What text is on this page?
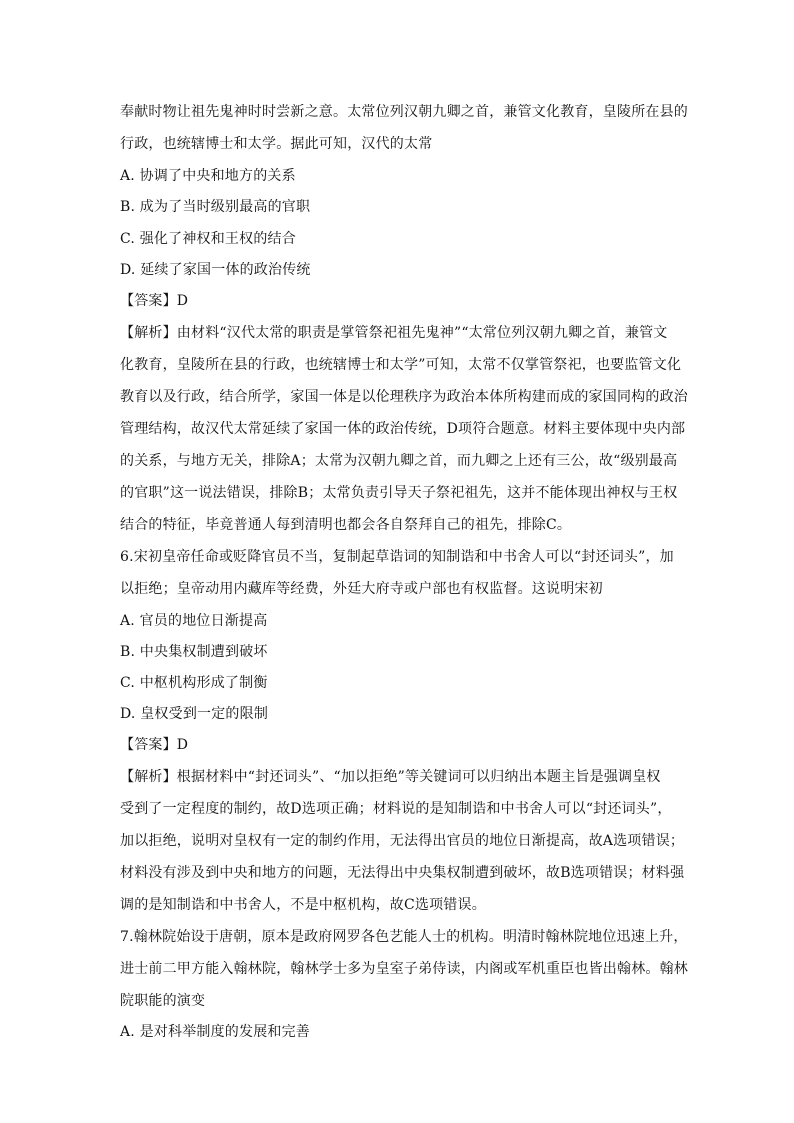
奉献时物让祖先鬼神时时尝新之意。太常位列汉朝九卿之首，兼管文化教育，皇陵所在县的
行政，也统辖博士和太学。据此可知，汉代的太常
A. 协调了中央和地方的关系
B. 成为了当时级别最高的官职
C. 强化了神权和王权的结合
D. 延续了家国一体的政治传统
【答案】D
【解析】由材料“汉代太常的职责是掌管祭祀祖先鬼神”“太常位列汉朝九卿之首，兼管文
化教育，皇陵所在县的行政，也统辖博士和太学”可知，太常不仅掌管祭祀，也要监管文化
教育以及行政，结合所学，家国一体是以伦理秩序为政治本体所构建而成的家国同构的政治
管理结构，故汉代太常延续了家国一体的政治传统，D项符合题意。材料主要体现中央内部
的关系，与地方无关，排除A；太常为汉朝九卿之首，而九卿之上还有三公，故“级别最高
的官职”这一说法错误，排除B；太常负责引导天子祭祀祖先，这并不能体现出神权与王权
结合的特征，毕竟普通人每到清明也都会各自祭拜自己的祖先，排除C。
6.宋初皇帝任命或贬降官员不当，复制起草诰词的知制诰和中书舍人可以“封还词头”，加
以拒绝；皇帝动用内藏库等经费，外廷大府寺或户部也有权监督。这说明宋初
A. 官员的地位日渐提高
B. 中央集权制遭到破坏
C. 中枢机构形成了制衡
D. 皇权受到一定的限制
【答案】D
【解析】根据材料中“封还词头”、“加以拒绝”等关键词可以归纳出本题主旨是强调皇权
受到了一定程度的制约，故D选项正确；材料说的是知制诰和中书舍人可以“封还词头”，
加以拒绝，说明对皇权有一定的制约作用，无法得出官员的地位日渐提高，故A选项错误；
材料没有涉及到中央和地方的问题，无法得出中央集权制遭到破坏，故B选项错误；材料强
调的是知制诰和中书舍人，不是中枢机构，故C选项错误。
7.翰林院始设于唐朝，原本是政府网罗各色艺能人士的机构。明清时翰林院地位迅速上升，
进士前二甲方能入翰林院，翰林学士多为皇室子弟侍读，内阁或军机重臣也皆出翰林。翰林
院职能的演变
A. 是对科举制度的发展和完善
